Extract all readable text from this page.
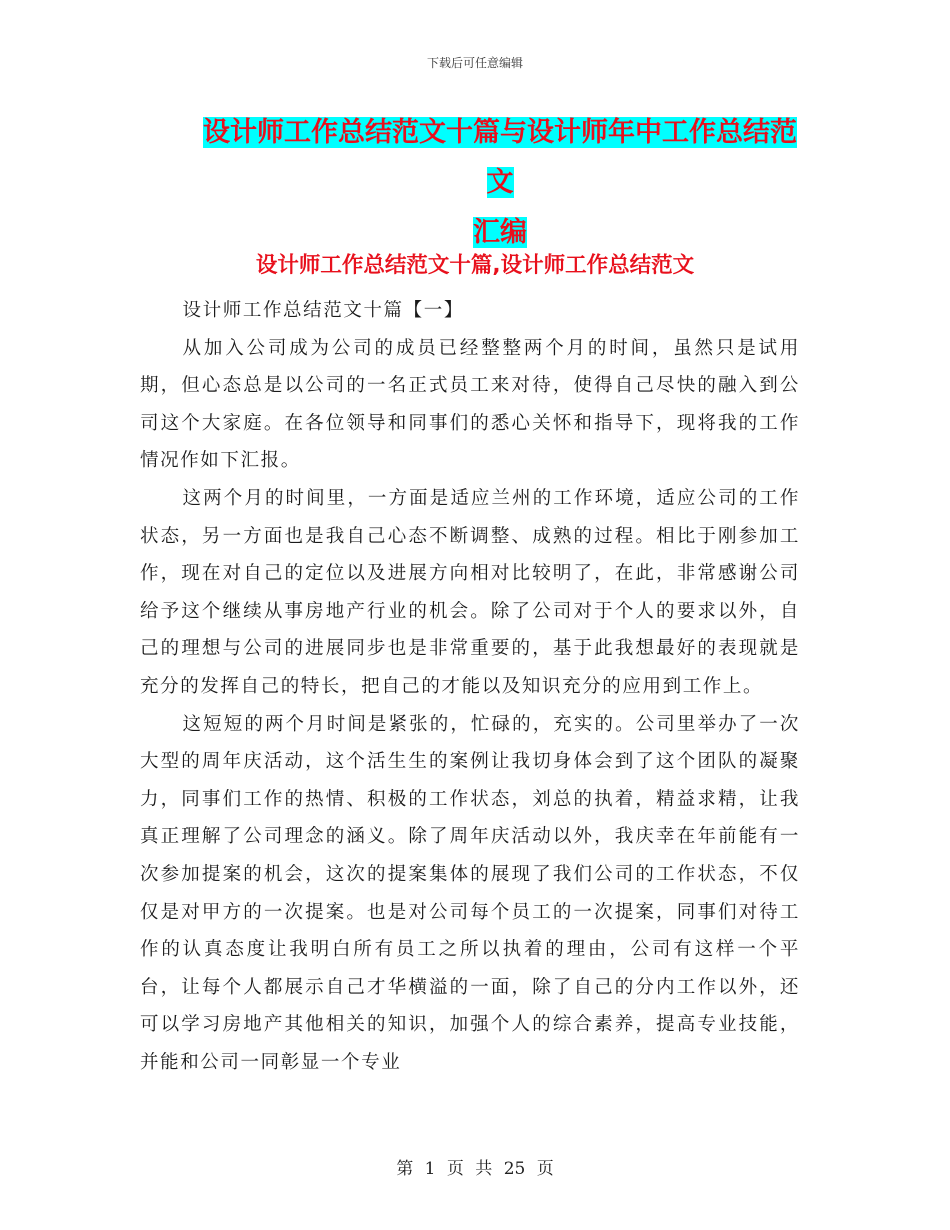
下载后可任意编辑
设计师工作总结范文十篇与设计师年中工作总结范文
汇编
设计师工作总结范文十篇,设计师工作总结范文

设计师工作总结范文十篇【一】

从加入公司成为公司的成员已经整整两个月的时间，虽然只是试用期，但心态总是以公司的一名正式员工来对待，使得自己尽快的融入到公司这个大家庭。在各位领导和同事们的悉心关怀和指导下，现将我的工作情况作如下汇报。

这两个月的时间里，一方面是适应兰州的工作环境，适应公司的工作状态，另一方面也是我自己心态不断调整、成熟的过程。相比于刚参加工作，现在对自己的定位以及进展方向相对比较明了，在此，非常感谢公司给予这个继续从事房地产行业的机会。除了公司对于个人的要求以外，自己的理想与公司的进展同步也是非常重要的，基于此我想最好的表现就是充分的发挥自己的特长，把自己的才能以及知识充分的应用到工作上。

这短短的两个月时间是紧张的，忙碌的，充实的。公司里举办了一次大型的周年庆活动，这个活生生的案例让我切身体会到了这个团队的凝聚力，同事们工作的热情、积极的工作状态，刘总的执着，精益求精，让我真正理解了公司理念的涵义。除了周年庆活动以外，我庆幸在年前能有一次参加提案的机会，这次的提案集体的展现了我们公司的工作状态，不仅仅是对甲方的一次提案。也是对公司每个员工的一次提案，同事们对待工作的认真态度让我明白所有员工之所以执着的理由，公司有这样一个平台，让每个人都展示自己才华横溢的一面，除了自己的分内工作以外，还可以学习房地产其他相关的知识，加强个人的综合素养，提高专业技能，并能和公司一同彰显一个专业

第 1 页 共 25 页
